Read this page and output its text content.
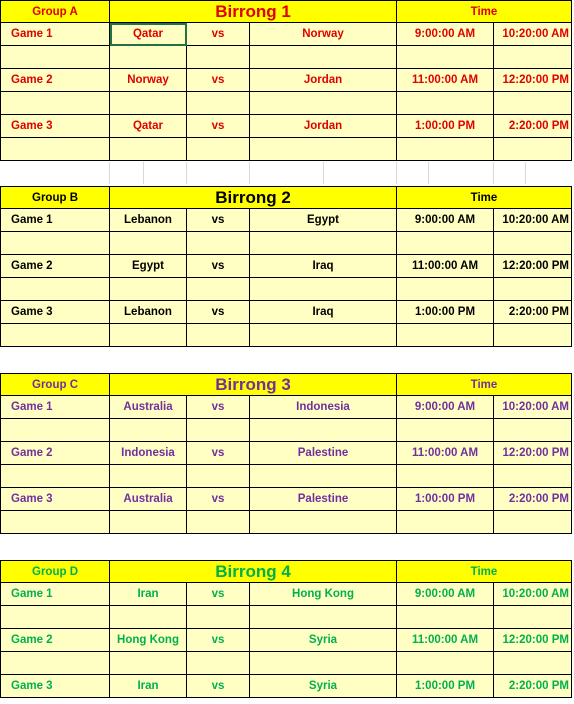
Group A	Birrong 1	Time
Game 1	Qatar	vs	Norway	9:00:00 AM	10:20:00 AM
Game 2	Norway	vs	Jordan	11:00:00 AM	12:20:00 PM
Game 3	Qatar	vs	Jordan	1:00:00 PM	2:20:00 PM
Group B	Birrong 2	Time
Game 1	Lebanon	vs	Egypt	9:00:00 AM	10:20:00 AM
Game 2	Egypt	vs	Iraq	11:00:00 AM	12:20:00 PM
Game 3	Lebanon	vs	Iraq	1:00:00 PM	2:20:00 PM
Group C	Birrong 3	Time
Game 1	Australia	vs	Indonesia	9:00:00 AM	10:20:00 AM
Game 2	Indonesia	vs	Palestine	11:00:00 AM	12:20:00 PM
Game 3	Australia	vs	Palestine	1:00:00 PM	2:20:00 PM
Group D	Birrong 4	Time
Game 1	Iran	vs	Hong Kong	9:00:00 AM	10:20:00 AM
Game 2	Hong Kong	vs	Syria	11:00:00 AM	12:20:00 PM
Game 3	Iran	vs	Syria	1:00:00 PM	2:20:00 PM
